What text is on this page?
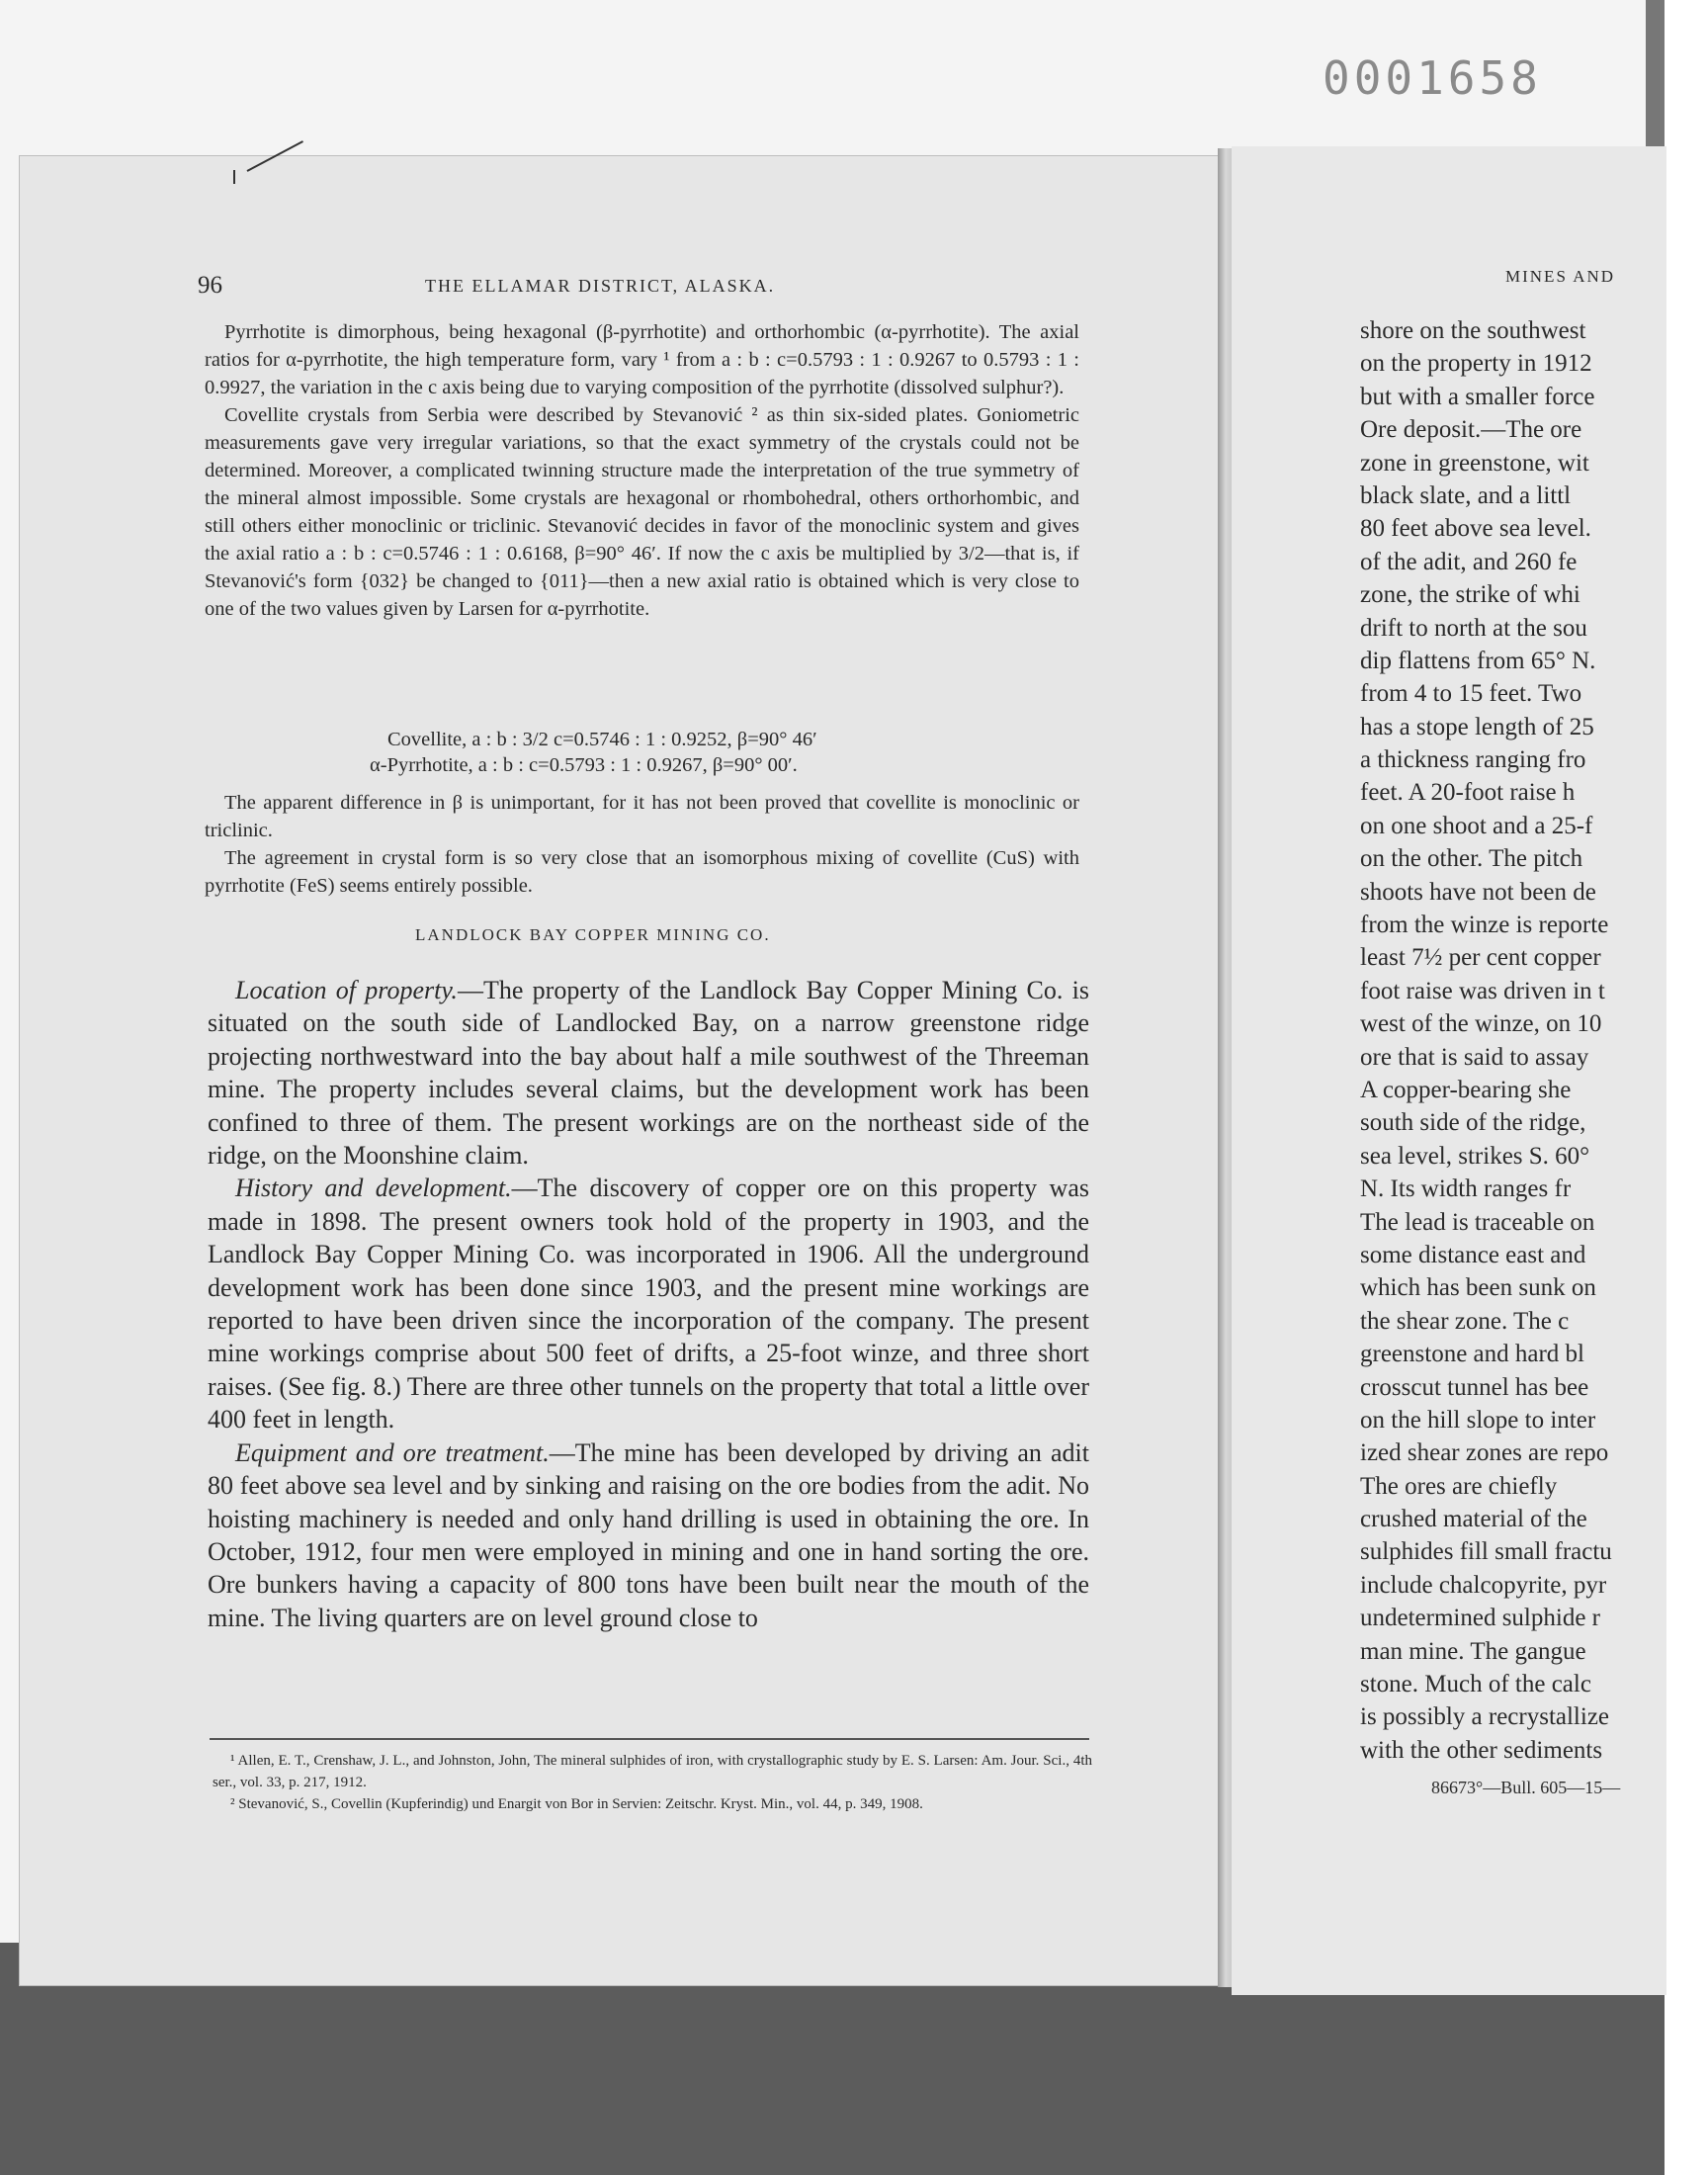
0001658
96	THE ELLAMAR DISTRICT, ALASKA.

Pyrrhotite is dimorphous, being hexagonal (β-pyrrhotite) and orthorhombic (α-pyrrhotite). The axial ratios for α-pyrrhotite, the high temperature form, vary ¹ from a : b : c=0.5793 : 1 : 0.9267 to 0.5793 : 1 : 0.9927, the variation in the c axis being due to varying composition of the pyrrhotite (dissolved sulphur?).

Covellite crystals from Serbia were described by Stevanović ² as thin six-sided plates. Goniometric measurements gave very irregular variations, so that the exact symmetry of the crystals could not be determined. Moreover, a complicated twinning structure made the interpretation of the true symmetry of the mineral almost impossible. Some crystals are hexagonal or rhombohedral, others orthorhombic, and still others either monoclinic or triclinic. Stevanović decides in favor of the monoclinic system and gives the axial ratio a : b : c=0.5746 : 1 : 0.6168, β=90° 46′. If now the c axis be multiplied by 3/2—that is, if Stevanović's form {032} be changed to {011}—then a new axial ratio is obtained which is very close to one of the two values given by Larsen for α-pyrrhotite.

Covellite, a : b : 3/2 c=0.5746 : 1 : 0.9252, β=90° 46′
α-Pyrrhotite, a : b : c=0.5793 : 1 : 0.9267, β=90° 00′.

The apparent difference in β is unimportant, for it has not been proved that covellite is monoclinic or triclinic.

The agreement in crystal form is so very close that an isomorphous mixing of covellite (CuS) with pyrrhotite (FeS) seems entirely possible.

LANDLOCK BAY COPPER MINING CO.

Location of property.—The property of the Landlock Bay Copper Mining Co. is situated on the south side of Landlocked Bay, on a narrow greenstone ridge projecting northwestward into the bay about half a mile southwest of the Threeman mine. The property includes several claims, but the development work has been confined to three of them. The present workings are on the northeast side of the ridge, on the Moonshine claim.

History and development.—The discovery of copper ore on this property was made in 1898. The present owners took hold of the property in 1903, and the Landlock Bay Copper Mining Co. was incorporated in 1906. All the underground development work has been done since 1903, and the present mine workings are reported to have been driven since the incorporation of the company. The present mine workings comprise about 500 feet of drifts, a 25-foot winze, and three short raises. (See fig. 8.) There are three other tunnels on the property that total a little over 400 feet in length.

Equipment and ore treatment.—The mine has been developed by driving an adit 80 feet above sea level and by sinking and raising on the ore bodies from the adit. No hoisting machinery is needed and only hand drilling is used in obtaining the ore. In October, 1912, four men were employed in mining and one in hand sorting the ore. Ore bunkers having a capacity of 800 tons have been built near the mouth of the mine. The living quarters are on level ground close to

¹ Allen, E. T., Crenshaw, J. L., and Johnston, John, The mineral sulphides of iron, with crystallographic study by E. S. Larsen: Am. Jour. Sci., 4th ser., vol. 33, p. 217, 1912.

² Stevanović, S., Covellin (Kupferindig) und Enargit von Bor in Servien: Zeitschr. Kryst. Min., vol. 44, p. 349, 1908.

MINES AND
shore on the southwest
on the property in 1912
but with a smaller force
Ore deposit.—The ore
zone in greenstone, wit
black slate, and a littl
80 feet above sea level.
of the adit, and 260 fe
zone, the strike of whi
drift to north at the sou
dip flattens from 65° N.
from 4 to 15 feet. Two
has a stope length of 25
a thickness ranging fro
feet. A 20-foot raise h
on one shoot and a 25-f
on the other. The pitch
shoots have not been de
from the winze is reporte
least 7½ per cent copper
foot raise was driven in t
west of the winze, on 10
ore that is said to assay
A copper-bearing she
south side of the ridge,
sea level, strikes S. 60°
N. Its width ranges fr
The lead is traceable on
some distance east and
which has been sunk on
the shear zone. The c
greenstone and hard bl
crosscut tunnel has bee
on the hill slope to inter
ized shear zones are repo
The ores are chiefly
crushed material of the
sulphides fill small fractu
include chalcopyrite, pyr
undetermined sulphide r
man mine. The gangue
stone. Much of the calc
is possibly a recrystallize
with the other sediments
86673°—Bull. 605—15—
